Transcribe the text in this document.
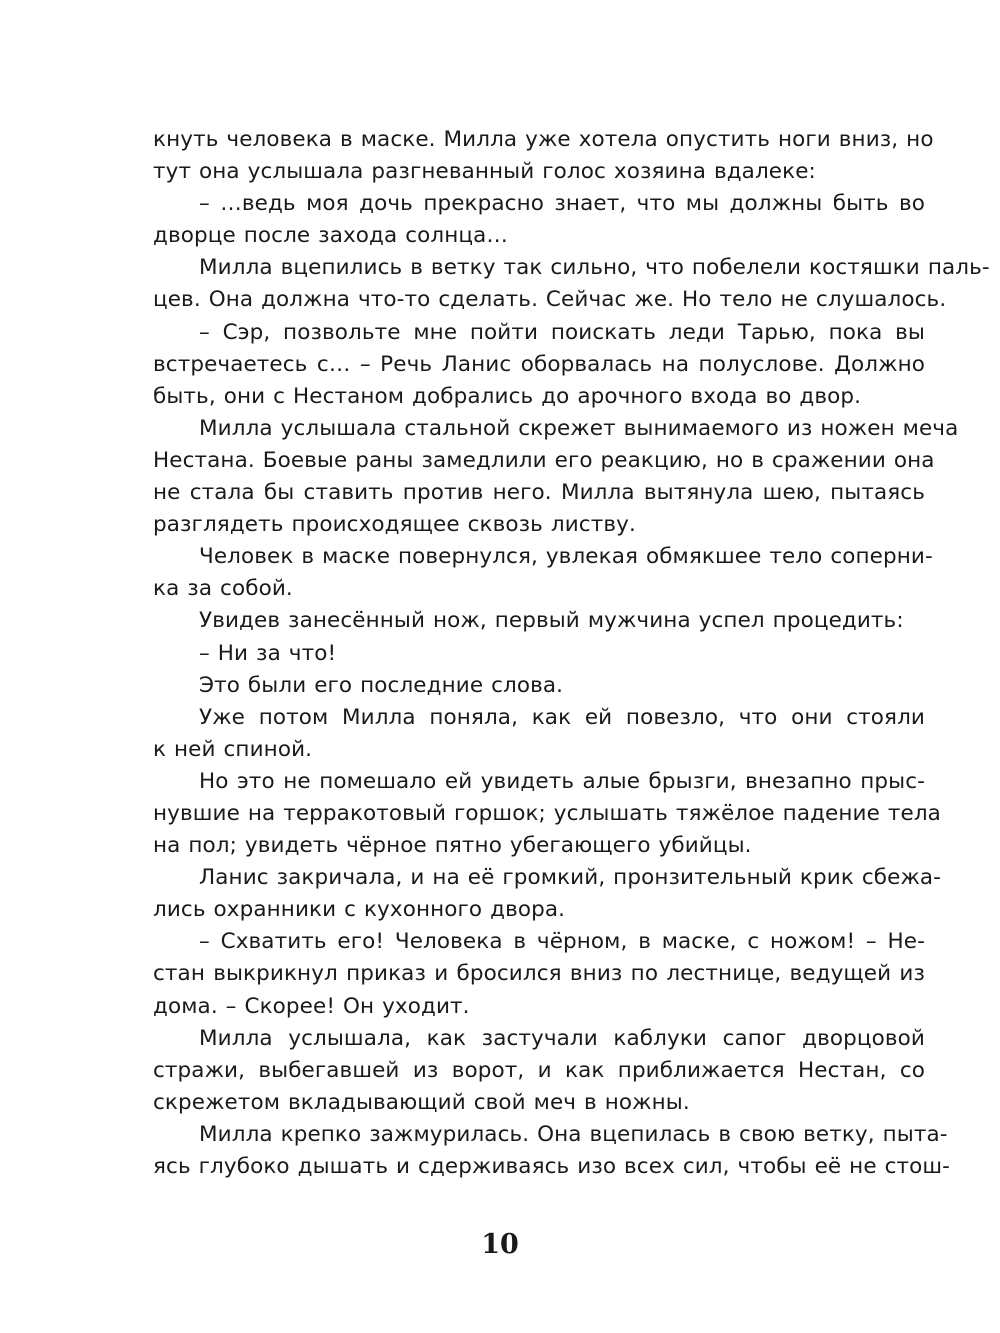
кнуть человека в маске. Милла уже хотела опустить ноги вниз, но
тут она услышала разгневанный голос хозяина вдалеке:
– …ведь моя дочь прекрасно знает, что мы должны быть во
дворце после захода солнца…
Милла вцепились в ветку так сильно, что побелели костяшки паль-
цев. Она должна что-то сделать. Сейчас же. Но тело не слушалось.
– Сэр, позвольте мне пойти поискать леди Тарью, пока вы
встречаетесь с… – Речь Ланис оборвалась на полуслове. Должно
быть, они с Нестаном добрались до арочного входа во двор.
Милла услышала стальной скрежет вынимаемого из ножен меча
Нестана. Боевые раны замедлили его реакцию, но в сражении она
не стала бы ставить против него. Милла вытянула шею, пытаясь
разглядеть происходящее сквозь листву.
Человек в маске повернулся, увлекая обмякшее тело соперни-
ка за собой.
Увидев занесённый нож, первый мужчина успел процедить:
– Ни за что!
Это были его последние слова.
Уже потом Милла поняла, как ей повезло, что они стояли
к ней спиной.
Но это не помешало ей увидеть алые брызги, внезапно прыс-
нувшие на терракотовый горшок; услышать тяжёлое падение тела
на пол; увидеть чёрное пятно убегающего убийцы.
Ланис закричала, и на её громкий, пронзительный крик сбежа-
лись охранники с кухонного двора.
– Схватить его! Человека в чёрном, в маске, с ножом! – Не-
стан выкрикнул приказ и бросился вниз по лестнице, ведущей из
дома. – Скорее! Он уходит.
Милла услышала, как застучали каблуки сапог дворцовой
стражи, выбегавшей из ворот, и как приближается Нестан, со
скрежетом вкладывающий свой меч в ножны.
Милла крепко зажмурилась. Она вцепилась в свою ветку, пыта-
ясь глубоко дышать и сдерживаясь изо всех сил, чтобы её не стош-
10
